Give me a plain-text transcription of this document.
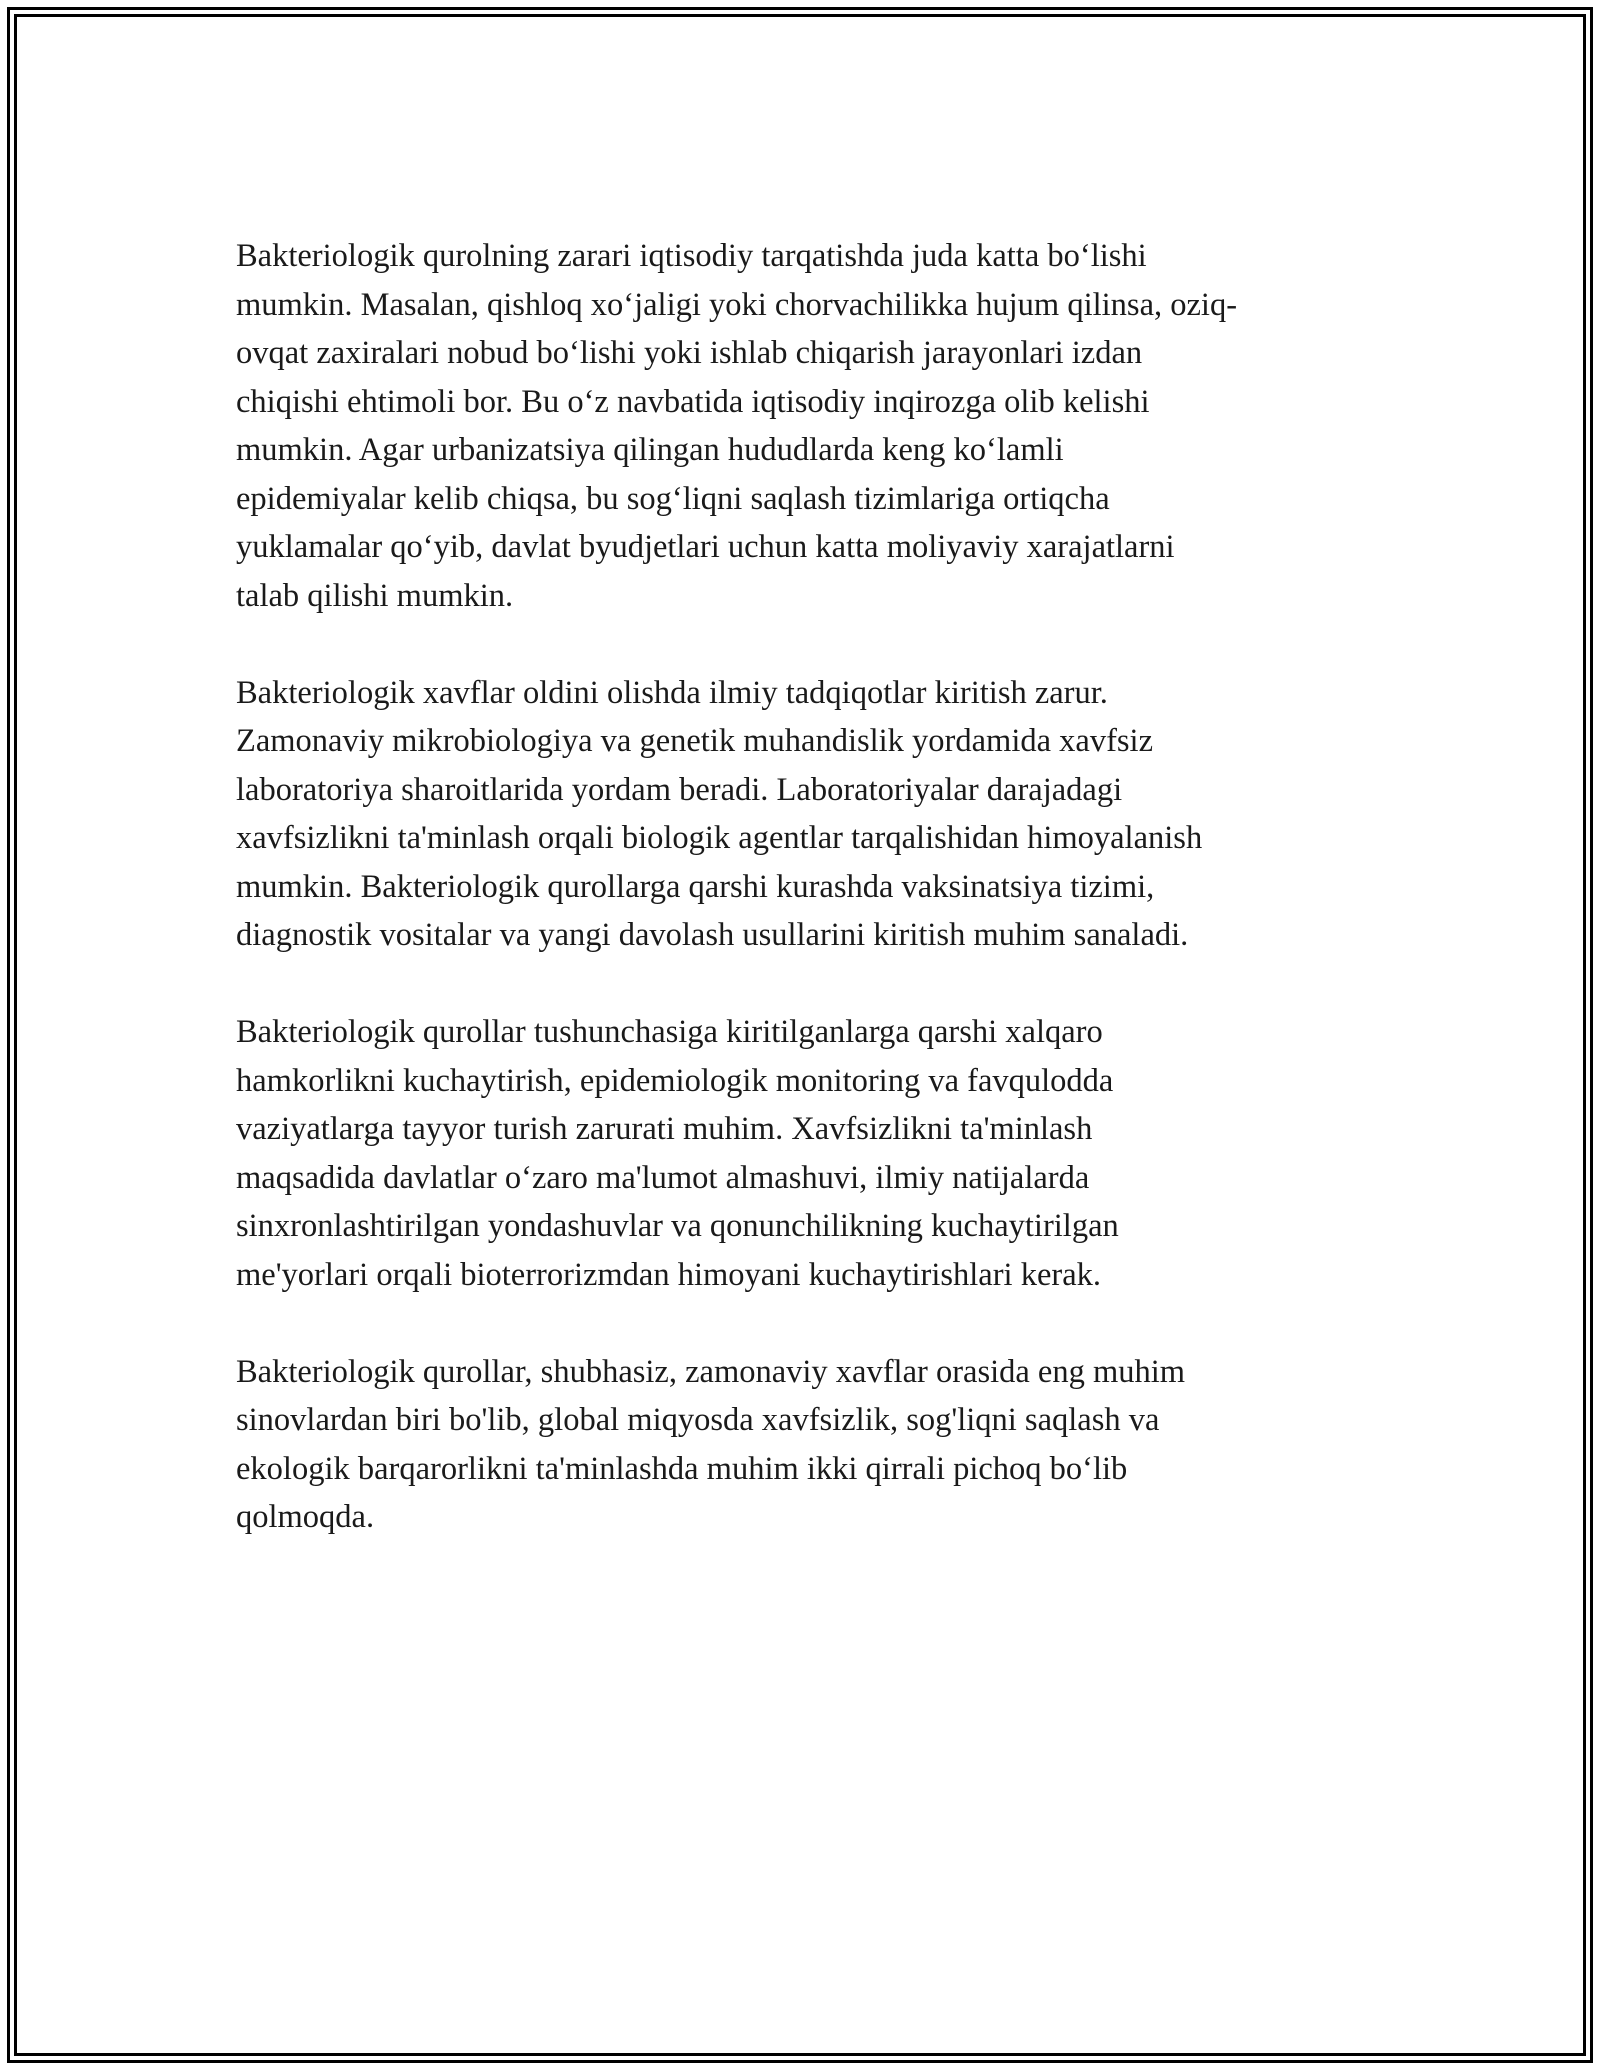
Bakteriologik qurolning zarari iqtisodiy tarqatishda juda katta bo‘lishi
mumkin. Masalan, qishloq xo‘jaligi yoki chorvachilikka hujum qilinsa, oziq-
ovqat zaxiralari nobud bo‘lishi yoki ishlab chiqarish jarayonlari izdan
chiqishi ehtimoli bor. Bu o‘z navbatida iqtisodiy inqirozga olib kelishi
mumkin. Agar urbanizatsiya qilingan hududlarda keng ko‘lamli
epidemiyalar kelib chiqsa, bu sog‘liqni saqlash tizimlariga ortiqcha
yuklamalar qo‘yib, davlat byudjetlari uchun katta moliyaviy xarajatlarni
talab qilishi mumkin.

Bakteriologik xavflar oldini olishda ilmiy tadqiqotlar kiritish zarur.
Zamonaviy mikrobiologiya va genetik muhandislik yordamida xavfsiz
laboratoriya sharoitlarida yordam beradi. Laboratoriyalar darajadagi
xavfsizlikni ta'minlash orqali biologik agentlar tarqalishidan himoyalanish
mumkin. Bakteriologik qurollarga qarshi kurashda vaksinatsiya tizimi,
diagnostik vositalar va yangi davolash usullarini kiritish muhim sanaladi.

Bakteriologik qurollar tushunchasiga kiritilganlarga qarshi xalqaro
hamkorlikni kuchaytirish, epidemiologik monitoring va favqulodda
vaziyatlarga tayyor turish zarurati muhim. Xavfsizlikni ta'minlash
maqsadida davlatlar o‘zaro ma'lumot almashuvi, ilmiy natijalarda
sinxronlashtirilgan yondashuvlar va qonunchilikning kuchaytirilgan
me'yorlari orqali bioterrorizmdan himoyani kuchaytirishlari kerak.

Bakteriologik qurollar, shubhasiz, zamonaviy xavflar orasida eng muhim
sinovlardan biri bo'lib, global miqyosda xavfsizlik, sog'liqni saqlash va
ekologik barqarorlikni ta'minlashda muhim ikki qirrali pichoq bo‘lib
qolmoqda.
